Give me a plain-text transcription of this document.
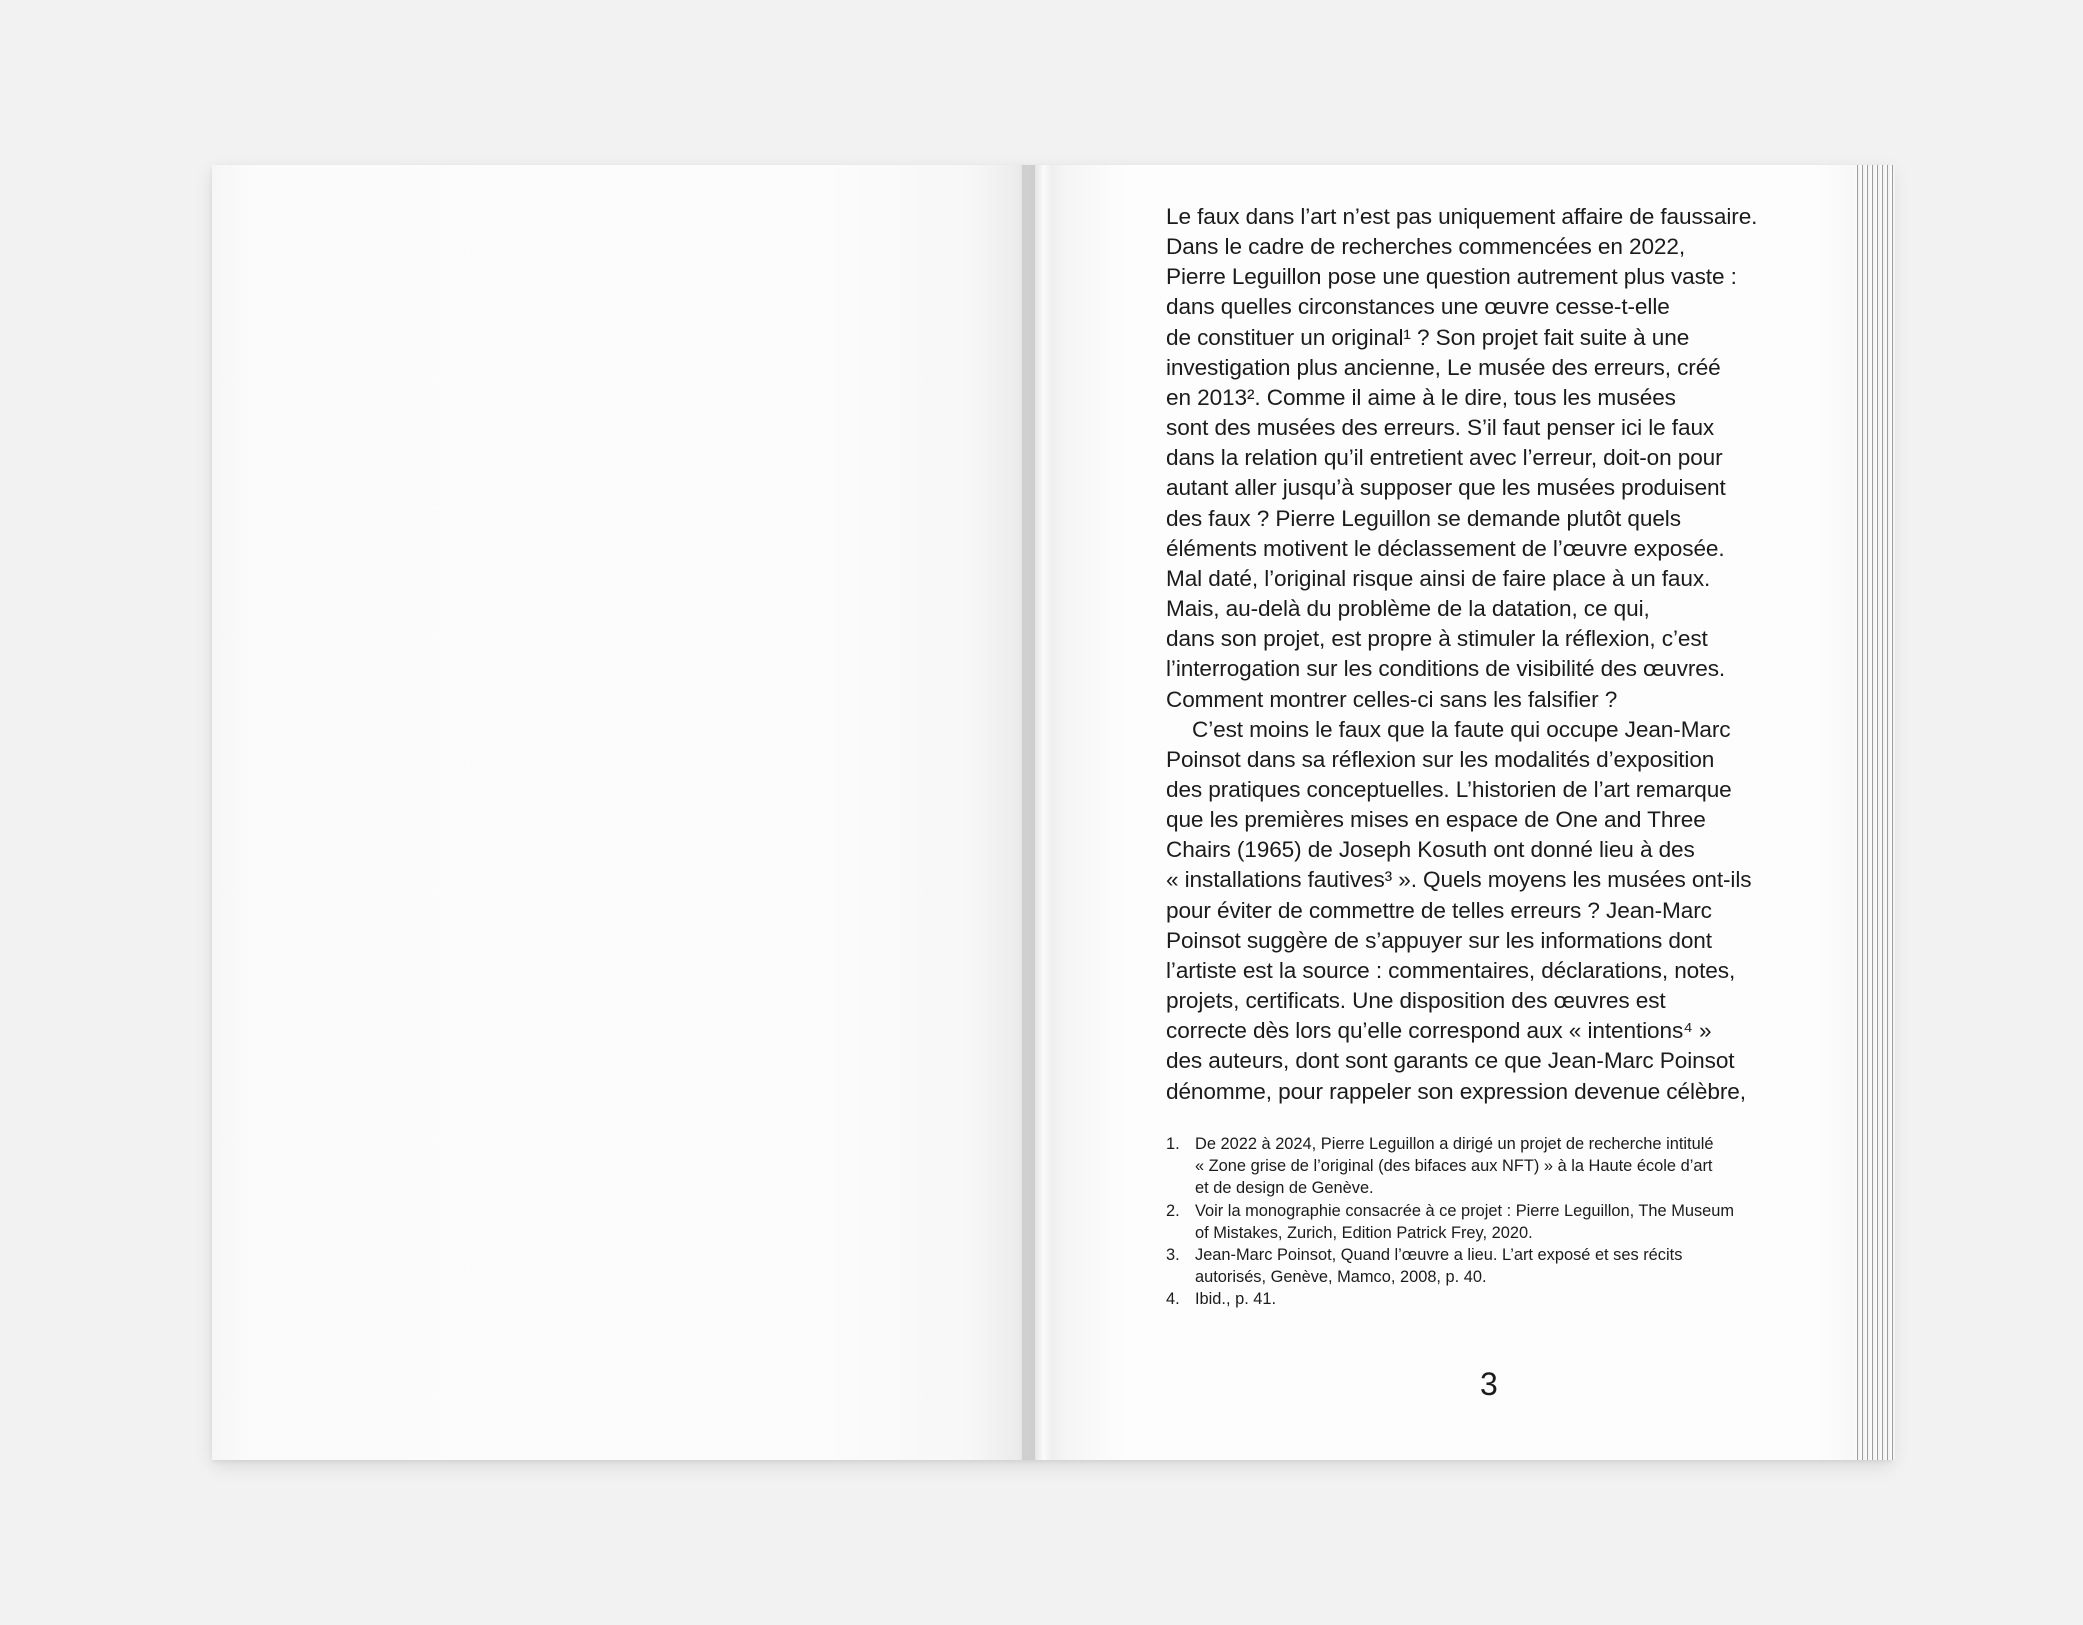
Le faux dans l’art n’est pas uniquement affaire de faussaire.
Dans le cadre de recherches commencées en 2022,
Pierre Leguillon pose une question autrement plus vaste :
dans quelles circonstances une œuvre cesse-t-elle
de constituer un original¹ ? Son projet fait suite à une
investigation plus ancienne, Le musée des erreurs, créé
en 2013². Comme il aime à le dire, tous les musées
sont des musées des erreurs. S’il faut penser ici le faux
dans la relation qu’il entretient avec l’erreur, doit-on pour
autant aller jusqu’à supposer que les musées produisent
des faux ? Pierre Leguillon se demande plutôt quels
éléments motivent le déclassement de l’œuvre exposée.
Mal daté, l’original risque ainsi de faire place à un faux.
Mais, au-delà du problème de la datation, ce qui,
dans son projet, est propre à stimuler la réflexion, c’est
l’interrogation sur les conditions de visibilité des œuvres.
Comment montrer celles-ci sans les falsifier ?
C’est moins le faux que la faute qui occupe Jean-Marc
Poinsot dans sa réflexion sur les modalités d’exposition
des pratiques conceptuelles. L’historien de l’art remarque
que les premières mises en espace de One and Three
Chairs (1965) de Joseph Kosuth ont donné lieu à des
« installations fautives³ ». Quels moyens les musées ont-ils
pour éviter de commettre de telles erreurs ? Jean-Marc
Poinsot suggère de s’appuyer sur les informations dont
l’artiste est la source : commentaires, déclarations, notes,
projets, certificats. Une disposition des œuvres est
correcte dès lors qu’elle correspond aux « intentions⁴ »
des auteurs, dont sont garants ce que Jean-Marc Poinsot
dénomme, pour rappeler son expression devenue célèbre,
1. De 2022 à 2024, Pierre Leguillon a dirigé un projet de recherche intitulé
« Zone grise de l’original (des bifaces aux NFT) » à la Haute école d’art
et de design de Genève.
2. Voir la monographie consacrée à ce projet : Pierre Leguillon, The Museum
of Mistakes, Zurich, Edition Patrick Frey, 2020.
3. Jean-Marc Poinsot, Quand l’œuvre a lieu. L’art exposé et ses récits
autorisés, Genève, Mamco, 2008, p. 40.
4. Ibid., p. 41.
3
